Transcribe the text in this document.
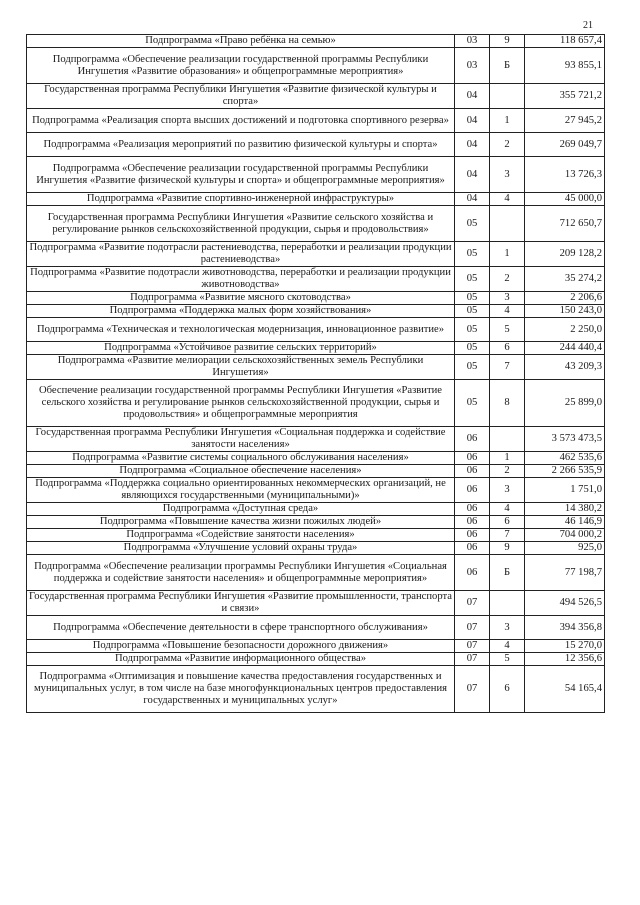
21
Подпрограмма «Право ребёнка на семью»	03	9	118 657,4
Подпрограмма «Обеспечение реализации государственной программы Республики Ингушетия «Развитие образования» и общепрограммные мероприятия»	03	Б	93 855,1
Государственная программа Республики Ингушетия «Развитие физической культуры и спорта»	04		355 721,2
Подпрограмма «Реализация спорта высших достижений и подготовка спортивного резерва»	04	1	27 945,2
Подпрограмма «Реализация мероприятий по развитию физической культуры и спорта»	04	2	269 049,7
Подпрограмма «Обеспечение реализации государственной программы Республики Ингушетия «Развитие физической культуры и спорта» и общепрограммные мероприятия»	04	3	13 726,3
Подпрограмма «Развитие спортивно-инженерной инфраструктуры»	04	4	45 000,0
Государственная программа Республики Ингушетия «Развитие сельского хозяйства и регулирование рынков сельскохозяйственной продукции, сырья и продовольствия»	05		712 650,7
Подпрограмма «Развитие подотрасли растениеводства, переработки и реализации продукции растениеводства»	05	1	209 128,2
Подпрограмма «Развитие подотрасли животноводства, переработки и реализации продукции животноводства»	05	2	35 274,2
Подпрограмма «Развитие мясного скотоводства»	05	3	2 206,6
Подпрограмма «Поддержка малых форм хозяйствования»	05	4	150 243,0
Подпрограмма «Техническая и технологическая модернизация, инновационное развитие»	05	5	2 250,0
Подпрограмма «Устойчивое развитие сельских территорий»	05	6	244 440,4
Подпрограмма «Развитие мелиорации сельскохозяйственных земель Республики Ингушетия»	05	7	43 209,3
Обеспечение реализации государственной программы Республики Ингушетия «Развитие сельского хозяйства и регулирование рынков сельскохозяйственной продукции, сырья и продовольствия» и общепрограммные мероприятия	05	8	25 899,0
Государственная программа Республики Ингушетия «Социальная поддержка и содействие занятости населения»	06		3 573 473,5
Подпрограмма «Развитие системы социального обслуживания населения»	06	1	462 535,6
Подпрограмма «Социальное обеспечение населения»	06	2	2 266 535,9
Подпрограмма «Поддержка социально ориентированных некоммерческих организаций, не являющихся государственными (муниципальными)»	06	3	1 751,0
Подпрограмма «Доступная среда»	06	4	14 380,2
Подпрограмма «Повышение качества жизни пожилых людей»	06	6	46 146,9
Подпрограмма «Содействие занятости населения»	06	7	704 000,2
Подпрограмма «Улучшение условий охраны труда»	06	9	925,0
Подпрограмма «Обеспечение реализации программы Республики Ингушетия «Социальная поддержка и содействие занятости населения» и общепрограммные мероприятия»	06	Б	77 198,7
Государственная программа Республики Ингушетия «Развитие промышленности, транспорта и связи»	07		494 526,5
Подпрограмма «Обеспечение деятельности в сфере транспортного обслуживания»	07	3	394 356,8
Подпрограмма «Повышение безопасности дорожного движения»	07	4	15 270,0
Подпрограмма «Развитие информационного общества»	07	5	12 356,6
Подпрограмма «Оптимизация и повышение качества предоставления государственных и муниципальных услуг, в том числе на базе многофункциональных центров предоставления государственных и муниципальных услуг»	07	6	54 165,4
